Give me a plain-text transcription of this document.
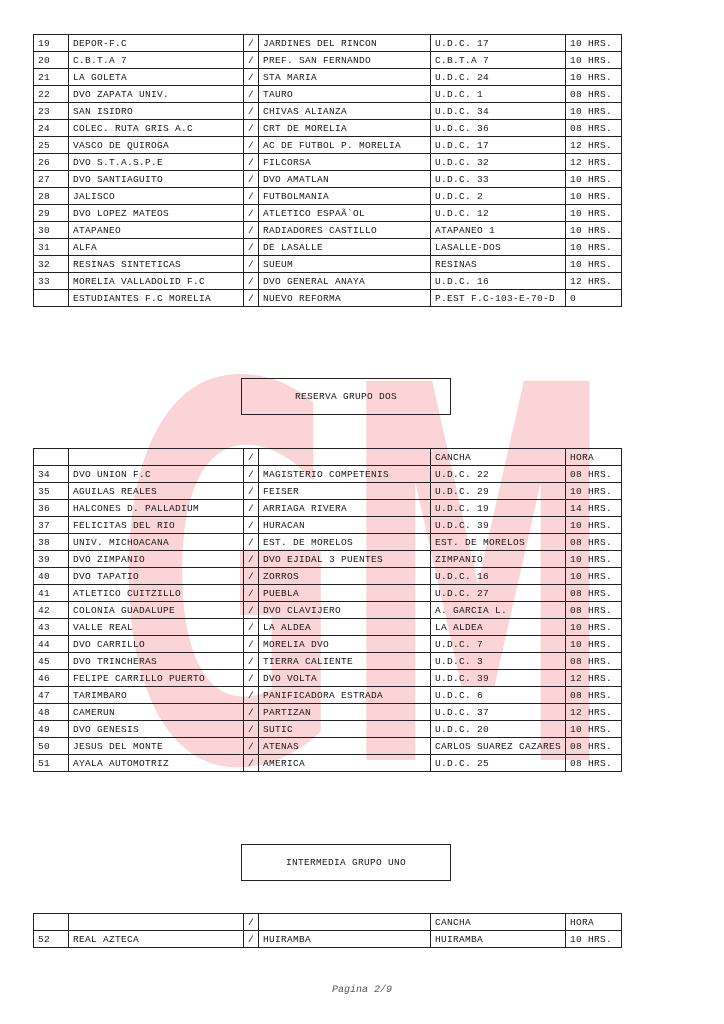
GM
19	DEPOR-F.C	/	JARDINES DEL RINCON	U.D.C. 17	10 HRS.
20	C.B.T.A 7	/	PREF. SAN FERNANDO	C.B.T.A 7	10 HRS.
21	LA GOLETA	/	STA MARIA	U.D.C. 24	10 HRS.
22	DVO ZAPATA UNIV.	/	TAURO	U.D.C. 1	08 HRS.
23	SAN ISIDRO	/	CHIVAS ALIANZA	U.D.C. 34	10 HRS.
24	COLEC. RUTA GRIS A.C	/	CRT DE MORELIA	U.D.C. 36	08 HRS.
25	VASCO DE QUIROGA	/	AC DE FUTBOL P. MORELIA	U.D.C. 17	12 HRS.
26	DVO S.T.A.S.P.E	/	FILCORSA	U.D.C. 32	12 HRS.
27	DVO SANTIAGUITO	/	DVO AMATLAN	U.D.C. 33	10 HRS.
28	JALISCO	/	FUTBOLMANIA	U.D.C. 2	10 HRS.
29	DVO LOPEZ MATEOS	/	ATLETICO ESPAÃ`OL	U.D.C. 12	10 HRS.
30	ATAPANEO	/	RADIADORES CASTILLO	ATAPANEO 1	10 HRS.
31	ALFA	/	DE LASALLE	LASALLE-DOS	10 HRS.
32	RESINAS SINTETICAS	/	SUEUM	RESINAS	10 HRS.
33	MORELIA VALLADOLID F.C	/	DVO GENERAL ANAYA	U.D.C. 16	12 HRS.
	ESTUDIANTES F.C MORELIA	/	NUEVO REFORMA	P.EST F.C-103-E-70-D	0
RESERVA GRUPO DOS
		/		CANCHA	HORA
34	DVO UNION F.C	/	MAGISTERIO COMPETENIS	U.D.C. 22	08 HRS.
35	AGUILAS REALES	/	FEISER	U.D.C. 29	10 HRS.
36	HALCONES D. PALLADIUM	/	ARRIAGA RIVERA	U.D.C. 19	14 HRS.
37	FELICITAS DEL RIO	/	HURACAN	U.D.C. 39	10 HRS.
38	UNIV. MICHOACANA	/	EST. DE MORELOS	EST. DE MORELOS	08 HRS.
39	DVO ZIMPANIO	/	DVO EJIDAL 3 PUENTES	ZIMPANIO	10 HRS.
40	DVO TAPATIO	/	ZORROS	U.D.C. 16	10 HRS.
41	ATLETICO CUITZILLO	/	PUEBLA	U.D.C. 27	08 HRS.
42	COLONIA GUADALUPE	/	DVO CLAVIJERO	A. GARCIA L.	08 HRS.
43	VALLE REAL	/	LA ALDEA	LA ALDEA	10 HRS.
44	DVO CARRILLO	/	MORELIA DVO	U.D.C. 7	10 HRS.
45	DVO TRINCHERAS	/	TIERRA CALIENTE	U.D.C. 3	08 HRS.
46	FELIPE CARRILLO PUERTO	/	DVO VOLTA	U.D.C. 39	12 HRS.
47	TARIMBARO	/	PANIFICADORA ESTRADA	U.D.C. 6	08 HRS.
48	CAMERUN	/	PARTIZAN	U.D.C. 37	12 HRS.
49	DVO GENESIS	/	SUTIC	U.D.C. 20	10 HRS.
50	JESUS DEL MONTE	/	ATENAS	CARLOS SUAREZ CAZARES	08 HRS.
51	AYALA AUTOMOTRIZ	/	AMERICA	U.D.C. 25	08 HRS.
INTERMEDIA GRUPO UNO
		/		CANCHA	HORA
52	REAL AZTECA	/	HUIRAMBA	HUIRAMBA	10 HRS.
Pagina 2/9
